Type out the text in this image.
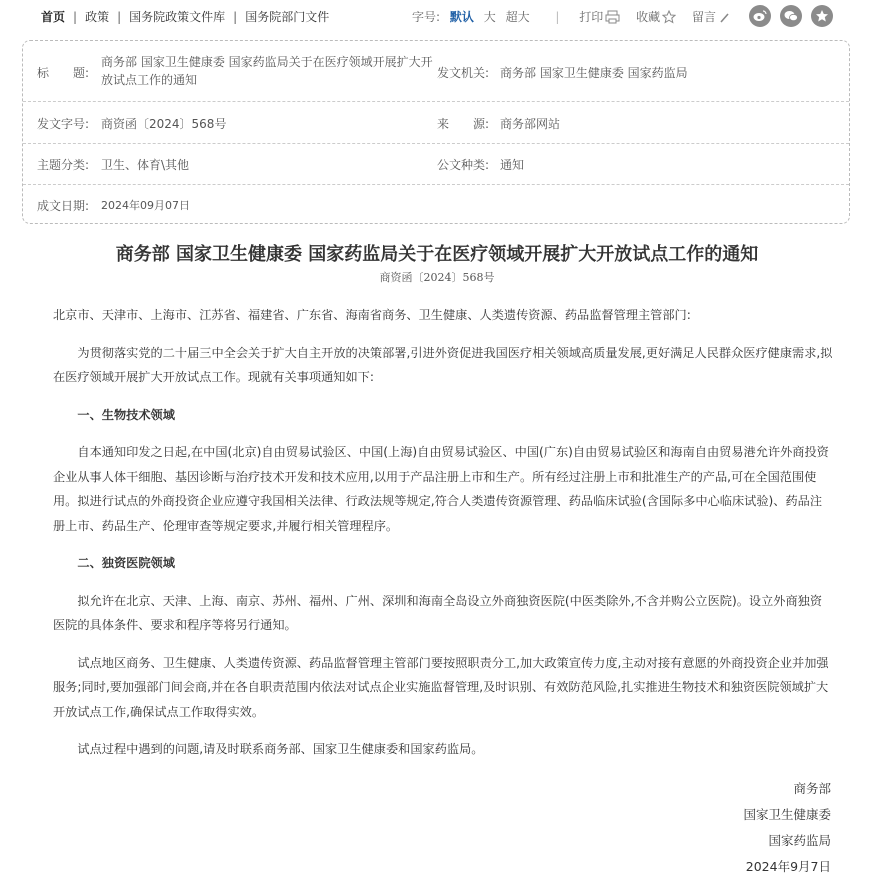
首页 | 政策 | 国务院政策文件库 | 国务院部门文件	字号: 默认 大 超大 | 打印	收藏	留言
标　　题:
商务部 国家卫生健康委 国家药监局关于在医疗领域开展扩大开
放试点工作的通知	发文机关: 商务部 国家卫生健康委 国家药监局
发文字号: 商资函〔2024〕568号	来　　源: 商务部网站
主题分类: 卫生、体育\其他	公文种类: 通知
成文日期:	2024年09月07日
商务部 国家卫生健康委 国家药监局关于在医疗领域开展扩大开放试点工作的通知
商资函〔2024〕568号

北京市、天津市、上海市、江苏省、福建省、广东省、海南省商务、卫生健康、人类遗传资源、药品监督管理主管部门:

为贯彻落实党的二十届三中全会关于扩大自主开放的决策部署,引进外资促进我国医疗相关领域高质量发展,更好满足人民群众医疗健康需求,拟在医疗领域开展扩大开放试点工作。现就有关事项通知如下:

一、生物技术领域

自本通知印发之日起,在中国(北京)自由贸易试验区、中国(上海)自由贸易试验区、中国(广东)自由贸易试验区和海南自由贸易港允许外商投资企业从事人体干细胞、基因诊断与治疗技术开发和技术应用,以用于产品注册上市和生产。所有经过注册上市和批准生产的产品,可在全国范围使用。拟进行试点的外商投资企业应遵守我国相关法律、行政法规等规定,符合人类遗传资源管理、药品临床试验(含国际多中心临床试验)、药品注册上市、药品生产、伦理审查等规定要求,并履行相关管理程序。

二、独资医院领域

拟允许在北京、天津、上海、南京、苏州、福州、广州、深圳和海南全岛设立外商独资医院(中医类除外,不含并购公立医院)。设立外商独资医院的具体条件、要求和程序等将另行通知。

试点地区商务、卫生健康、人类遗传资源、药品监督管理主管部门要按照职责分工,加大政策宣传力度,主动对接有意愿的外商投资企业并加强服务;同时,要加强部门间会商,并在各自职责范围内依法对试点企业实施监督管理,及时识别、有效防范风险,扎实推进生物技术和独资医院领域扩大开放试点工作,确保试点工作取得实效。

试点过程中遇到的问题,请及时联系商务部、国家卫生健康委和国家药监局。

商务部
国家卫生健康委
国家药监局
2024年9月7日
